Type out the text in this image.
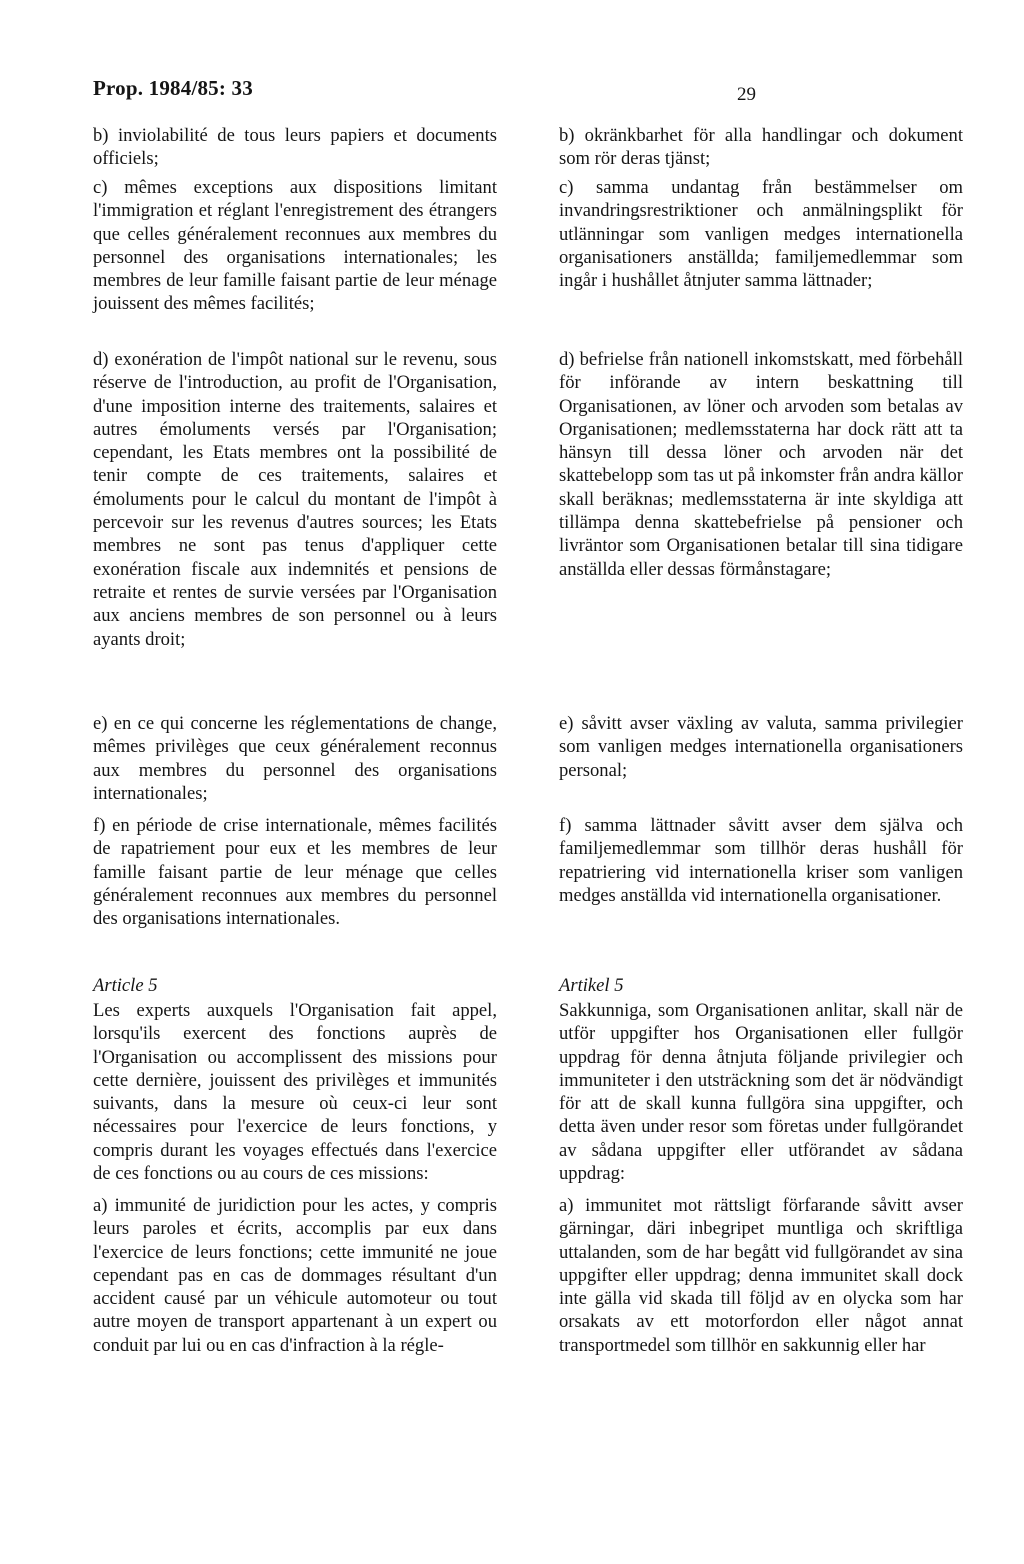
Prop. 1984/85: 33	29

b) inviolabilité de tous leurs papiers et documents officiels;

c) mêmes exceptions aux dispositions limitant l'immigration et réglant l'enregistrement des étrangers que celles généralement reconnues aux membres du personnel des organisations internationales; les membres de leur famille faisant partie de leur ménage jouissent des mêmes facilités;

d) exonération de l'impôt national sur le revenu, sous réserve de l'introduction, au profit de l'Organisation, d'une imposition interne des traitements, salaires et autres émoluments versés par l'Organisation; cependant, les Etats membres ont la possibilité de tenir compte de ces traitements, salaires et émoluments pour le calcul du montant de l'impôt à percevoir sur les revenus d'autres sources; les Etats membres ne sont pas tenus d'appliquer cette exonération fiscale aux indemnités et pensions de retraite et rentes de survie versées par l'Organisation aux anciens membres de son personnel ou à leurs ayants droit;

e) en ce qui concerne les réglementations de change, mêmes privilèges que ceux généralement reconnus aux membres du personnel des organisations internationales;

f) en période de crise internationale, mêmes facilités de rapatriement pour eux et les membres de leur famille faisant partie de leur ménage que celles généralement reconnues aux membres du personnel des organisations internationales.

Article 5

Les experts auxquels l'Organisation fait appel, lorsqu'ils exercent des fonctions auprès de l'Organisation ou accomplissent des missions pour cette dernière, jouissent des privilèges et immunités suivants, dans la mesure où ceux-ci leur sont nécessaires pour l'exercice de leurs fonctions, y compris durant les voyages effectués dans l'exercice de ces fonctions ou au cours de ces missions:

a) immunité de juridiction pour les actes, y compris leurs paroles et écrits, accomplis par eux dans l'exercice de leurs fonctions; cette immunité ne joue cependant pas en cas de dommages résultant d'un accident causé par un véhicule automoteur ou tout autre moyen de transport appartenant à un expert ou conduit par lui ou en cas d'infraction à la régle-

b) okränkbarhet för alla handlingar och dokument som rör deras tjänst;

c) samma undantag från bestämmelser om invandringsrestriktioner och anmälningsplikt för utlänningar som vanligen medges internationella organisationers anställda; familjemedlemmar som ingår i hushållet åtnjuter samma lättnader;

d) befrielse från nationell inkomstskatt, med förbehåll för införande av intern beskattning till Organisationen, av löner och arvoden som betalas av Organisationen; medlemsstaterna har dock rätt att ta hänsyn till dessa löner och arvoden när det skattebelopp som tas ut på inkomster från andra källor skall beräknas; medlemsstaterna är inte skyldiga att tillämpa denna skattebefrielse på pensioner och livräntor som Organisationen betalar till sina tidigare anställda eller dessas förmånstagare;

e) såvitt avser växling av valuta, samma privilegier som vanligen medges internationella organisationers personal;

f) samma lättnader såvitt avser dem själva och familjemedlemmar som tillhör deras hushåll för repatriering vid internationella kriser som vanligen medges anställda vid internationella organisationer.

Artikel 5

Sakkunniga, som Organisationen anlitar, skall när de utför uppgifter hos Organisationen eller fullgör uppdrag för denna åtnjuta följande privilegier och immuniteter i den utsträckning som det är nödvändigt för att de skall kunna fullgöra sina uppgifter, och detta även under resor som företas under fullgörandet av sådana uppgifter eller utförandet av sådana uppdrag:

a) immunitet mot rättsligt förfarande såvitt avser gärningar, däri inbegripet muntliga och skriftliga uttalanden, som de har begått vid fullgörandet av sina uppgifter eller uppdrag; denna immunitet skall dock inte gälla vid skada till följd av en olycka som har orsakats av ett motorfordon eller något annat transportmedel som tillhör en sakkunnig eller har
